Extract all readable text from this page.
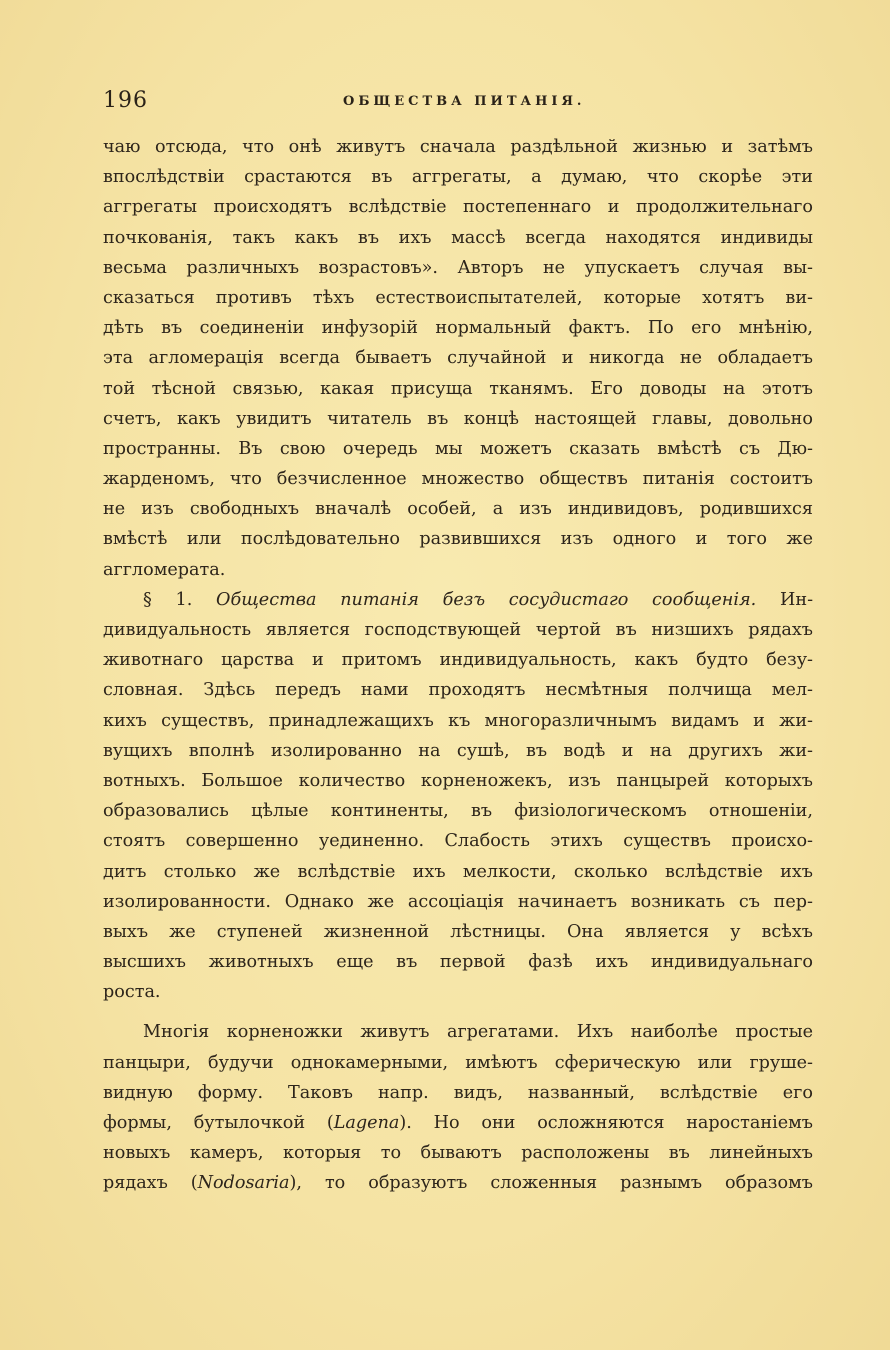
196	ОБЩЕСТВА ПИТАНІЯ.
чаю отсюда, что онѣ живутъ сначала раздѣльной жизнью и затѣмъ
впослѣдствіи срастаются въ аггрегаты, а думаю, что скорѣе эти
аггрегаты происходятъ вслѣдствіе постепеннаго и продолжительнаго
почкованія, такъ какъ въ ихъ массѣ всегда находятся индивиды
весьма различныхъ возрастовъ». Авторъ не упускаетъ случая вы-
сказаться противъ тѣхъ естествоиспытателей, которые хотятъ ви-
дѣть въ соединеніи инфузорій нормальный фактъ. По его мнѣнію,
эта агломерація всегда бываетъ случайной и никогда не обладаетъ
той тѣсной связью, какая присуща тканямъ. Его доводы на этотъ
счетъ, какъ увидитъ читатель въ концѣ настоящей главы, довольно
пространны. Въ свою очередь мы можетъ сказать вмѣстѣ съ Дю-
жарденомъ, что безчисленное множество обществъ питанія состоитъ
не изъ свободныхъ вначалѣ особей, а изъ индивидовъ, родившихся
вмѣстѣ или послѣдовательно развившихся изъ одного и того же
аггломерата.
§ 1. Общества питанія безъ сосудистаго сообщенія. Ин-
дивидуальность является господствующей чертой въ низшихъ рядахъ
животнаго царства и притомъ индивидуальность, какъ будто безу-
словная. Здѣсь передъ нами проходятъ несмѣтныя полчища мел-
кихъ существъ, принадлежащихъ къ многоразличнымъ видамъ и жи-
вущихъ вполнѣ изолированно на сушѣ, въ водѣ и на другихъ жи-
вотныхъ. Большое количество корненожекъ, изъ панцырей которыхъ
образовались цѣлые континенты, въ физіологическомъ отношеніи,
стоятъ совершенно уединенно. Слабость этихъ существъ происхо-
дитъ столько же вслѣдствіе ихъ мелкости, сколько вслѣдствіе ихъ
изолированности. Однако же ассоціація начинаетъ возникать съ пер-
выхъ же ступеней жизненной лѣстницы. Она является у всѣхъ
высшихъ животныхъ еще въ первой фазѣ ихъ индивидуальнаго
роста.
Многія корненожки живутъ агрегатами. Ихъ наиболѣе простые
панцыри, будучи однокамерными, имѣютъ сферическую или груше-
видную форму. Таковъ напр. видъ, названный, вслѣдствіе его
формы, бутылочкой (Lagena). Но они осложняются наростаніемъ
новыхъ камеръ, которыя то бываютъ расположены въ линейныхъ
рядахъ (Nodosaria), то образуютъ сложенныя разнымъ образомъ
